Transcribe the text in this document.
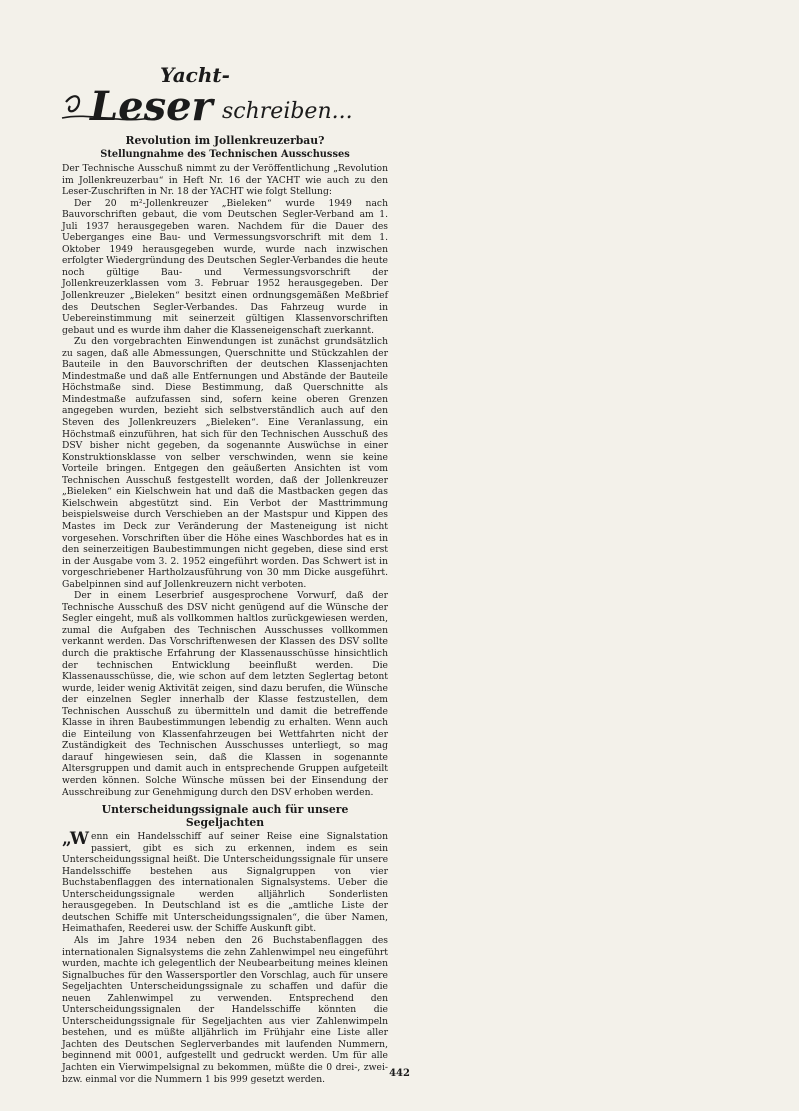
Yacht-
Leser schreiben...
Revolution im Jollenkreuzerbau?
Stellungnahme des Technischen Ausschusses

Der Technische Ausschuß nimmt zu der Veröffentlichung „Revolution im Jollenkreuzerbau“ in Heft Nr. 16 der YACHT wie auch zu den Leser-Zuschriften in Nr. 18 der YACHT wie folgt Stellung:

Der 20 m²-Jollenkreuzer „Bieleken“ wurde 1949 nach Bauvorschriften gebaut, die vom Deutschen Segler-Verband am 1. Juli 1937 herausgegeben waren. Nachdem für die Dauer des Ueberganges eine Bau- und Vermessungsvorschrift mit dem 1. Oktober 1949 herausgegeben wurde, wurde nach inzwischen erfolgter Wiedergründung des Deutschen Segler-Verbandes die heute noch gültige Bau- und Vermessungsvorschrift der Jollenkreuzerklassen vom 3. Februar 1952 herausgegeben. Der Jollenkreuzer „Bieleken“ besitzt einen ordnungsgemäßen Meßbrief des Deutschen Segler-Verbandes. Das Fahrzeug wurde in Uebereinstimmung mit seinerzeit gültigen Klassenvorschriften gebaut und es wurde ihm daher die Klasseneigenschaft zuerkannt.

Zu den vorgebrachten Einwendungen ist zunächst grundsätzlich zu sagen, daß alle Abmessungen, Querschnitte und Stückzahlen der Bauteile in den Bauvorschriften der deutschen Klassenjachten Mindestmaße und daß alle Entfernungen und Abstände der Bauteile Höchstmaße sind. Diese Bestimmung, daß Querschnitte als Mindestmaße aufzufassen sind, sofern keine oberen Grenzen angegeben wurden, bezieht sich selbstverständlich auch auf den Steven des Jollenkreuzers „Bieleken“. Eine Veranlassung, ein Höchstmaß einzuführen, hat sich für den Technischen Ausschuß des DSV bisher nicht gegeben, da sogenannte Auswüchse in einer Konstruktionsklasse von selber verschwinden, wenn sie keine Vorteile bringen. Entgegen den geäußerten Ansichten ist vom Technischen Ausschuß festgestellt worden, daß der Jollenkreuzer „Bieleken“ ein Kielschwein hat und daß die Mastbacken gegen das Kielschwein abgestützt sind. Ein Verbot der Masttrimmung beispielsweise durch Verschieben an der Mastspur und Kippen des Mastes im Deck zur Veränderung der Masteneigung ist nicht vorgesehen. Vorschriften über die Höhe eines Waschbordes hat es in den seinerzeitigen Baubestimmungen nicht gegeben, diese sind erst in der Ausgabe vom 3. 2. 1952 eingeführt worden. Das Schwert ist in vorgeschriebener Hartholzausführung von 30 mm Dicke ausgeführt. Gabelpinnen sind auf Jollenkreuzern nicht verboten.

Der in einem Leserbrief ausgesprochene Vorwurf, daß der Technische Ausschuß des DSV nicht genügend auf die Wünsche der Segler eingeht, muß als vollkommen haltlos zurückgewiesen werden, zumal die Aufgaben des Technischen Ausschusses vollkommen verkannt werden. Das Vorschriftenwesen der Klassen des DSV sollte durch die praktische Erfahrung der Klassenausschüsse hinsichtlich der technischen Entwicklung beeinflußt werden. Die Klassenausschüsse, die, wie schon auf dem letzten Seglertag betont wurde, leider wenig Aktivität zeigen, sind dazu berufen, die Wünsche der einzelnen Segler innerhalb der Klasse festzustellen, dem Technischen Ausschuß zu übermitteln und damit die betreffende Klasse in ihren Baubestimmungen lebendig zu erhalten. Wenn auch die Einteilung von Klassenfahrzeugen bei Wettfahrten nicht der Zuständigkeit des Technischen Ausschusses unterliegt, so mag darauf hingewiesen sein, daß die Klassen in sogenannte Altersgruppen und damit auch in entsprechende Gruppen aufgeteilt werden können. Solche Wünsche müssen bei der Einsendung der Ausschreibung zur Genehmigung durch den DSV erhoben werden.

Unterscheidungssignale auch für unsere Segeljachten

„Wenn ein Handelsschiff auf seiner Reise eine Signalstation passiert, gibt es sich zu erkennen, indem es sein Unterscheidungssignal heißt. Die Unterscheidungssignale für unsere Handelsschiffe bestehen aus Signalgruppen von vier Buchstabenflaggen des internationalen Signalsystems. Ueber die Unterscheidungssignale werden alljährlich Sonderlisten herausgegeben. In Deutschland ist es die „amtliche Liste der deutschen Schiffe mit Unterscheidungssignalen“, die über Namen, Heimathafen, Reederei usw. der Schiffe Auskunft gibt.

Als im Jahre 1934 neben den 26 Buchstabenflaggen des internationalen Signalsystems die zehn Zahlenwimpel neu eingeführt wurden, machte ich gelegentlich der Neubearbeitung meines kleinen Signalbuches für den Wassersportler den Vorschlag, auch für unsere Segeljachten Unterscheidungssignale zu schaffen und dafür die neuen Zahlenwimpel zu verwenden. Entsprechend den Unterscheidungssignalen der Handelsschiffe könnten die Unterscheidungssignale für Segeljachten aus vier Zahlenwimpeln bestehen, und es müßte alljährlich im Frühjahr eine Liste aller Jachten des Deutschen Seglerverbandes mit laufenden Nummern, beginnend mit 0001, aufgestellt und gedruckt werden. Um für alle Jachten ein Vierwimpelsignal zu bekommen, müßte die 0 drei-, zwei- bzw. einmal vor die Nummern 1 bis 999 gesetzt werden.

442
